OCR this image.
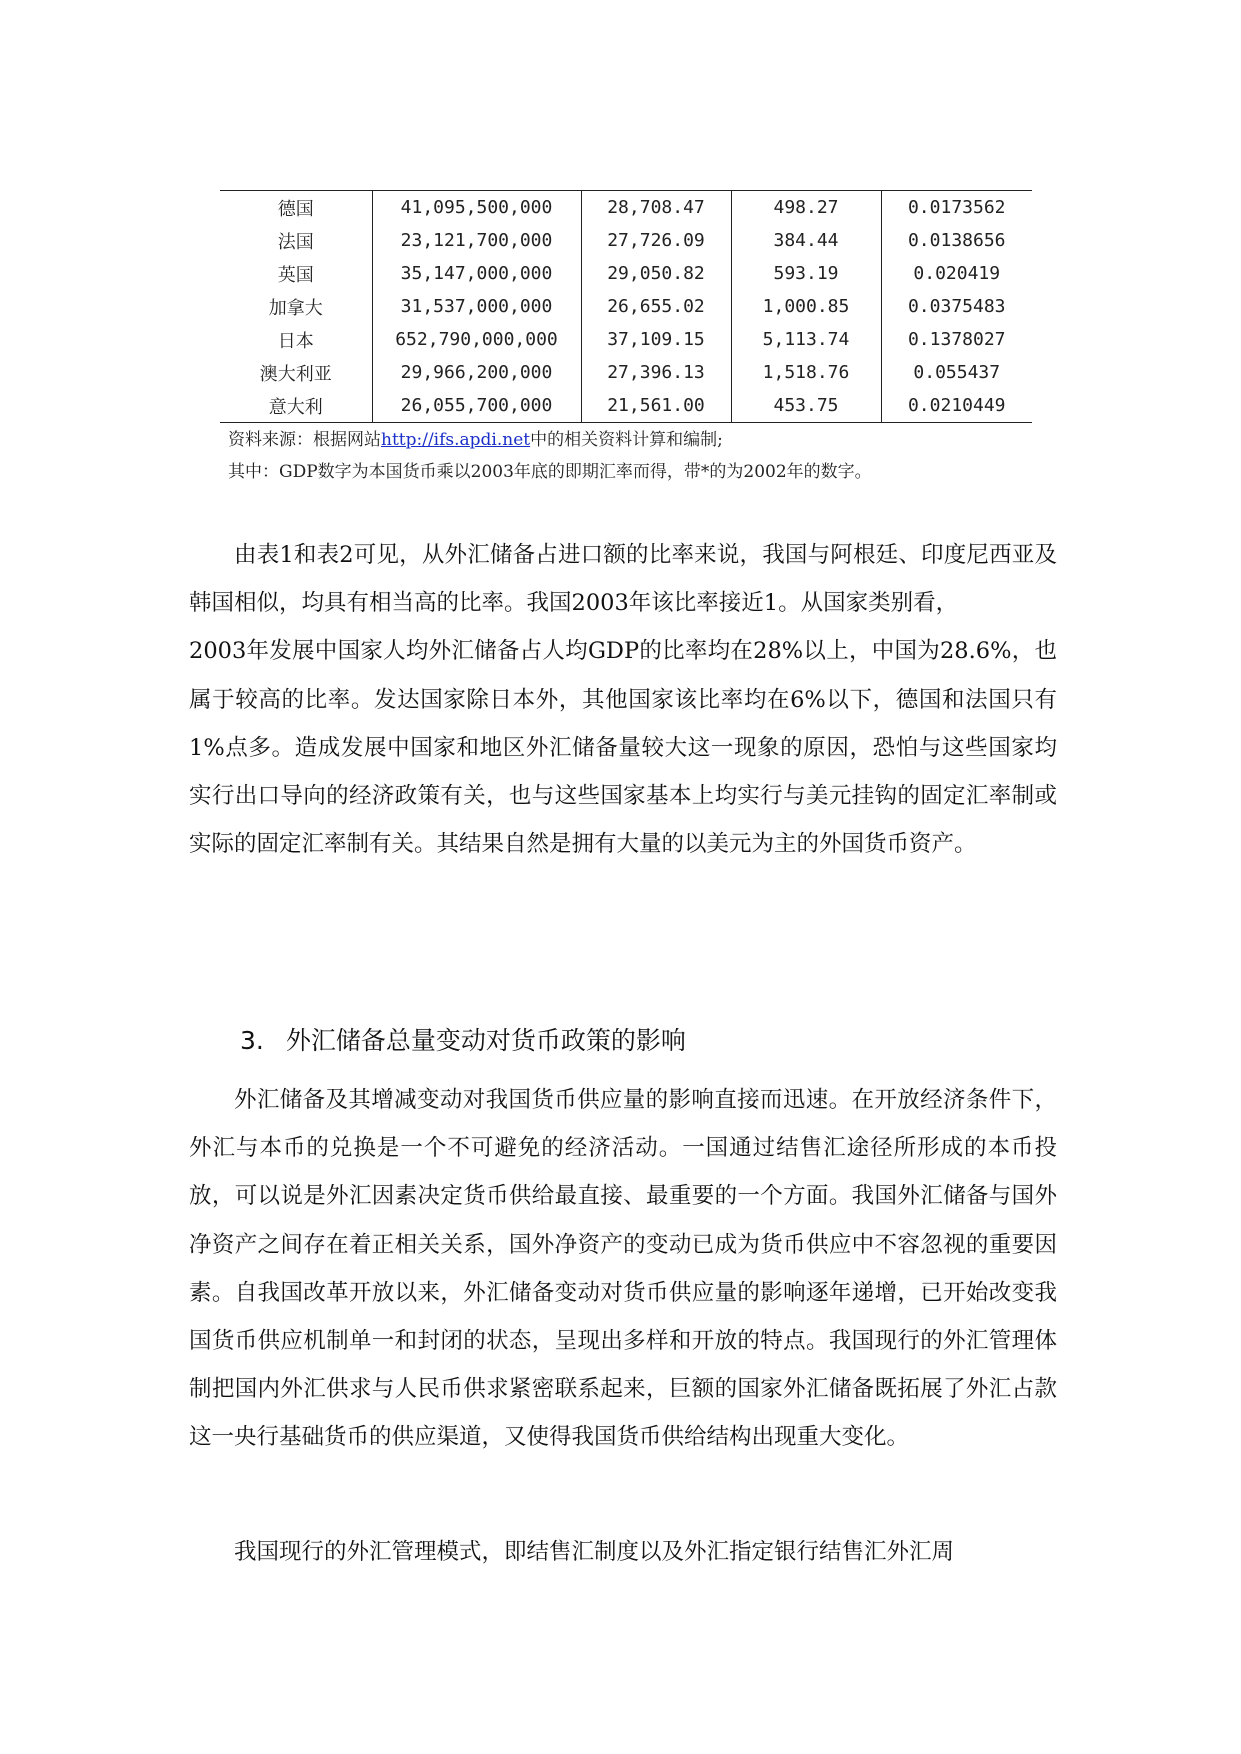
德国	41,095,500,000	28,708.47	498.27	0.0173562
法国	23,121,700,000	27,726.09	384.44	0.0138656
英国	35,147,000,000	29,050.82	593.19	0.020419
加拿大	31,537,000,000	26,655.02	1,000.85	0.0375483
日本	652,790,000,000	37,109.15	5,113.74	0.1378027
澳大利亚	29,966,200,000	27,396.13	1,518.76	0.055437
意大利	26,055,700,000	21,561.00	453.75	0.0210449
资料来源：根据网站http://ifs.apdi.net中的相关资料计算和编制;
其中：GDP数字为本国货币乘以2003年底的即期汇率而得，带*的为2002年的数字。

由表1和表2可见，从外汇储备占进口额的比率来说，我国与阿根廷、印度尼西亚及韩国相似，均具有相当高的比率。我国2003年该比率接近1。从国家类别看，

2003年发展中国家人均外汇储备占人均GDP的比率均在28%以上，中国为28.6%，也属于较高的比率。发达国家除日本外，其他国家该比率均在6%以下，德国和法国只有1%点多。造成发展中国家和地区外汇储备量较大这一现象的原因，恐怕与这些国家均实行出口导向的经济政策有关，也与这些国家基本上均实行与美元挂钩的固定汇率制或实际的固定汇率制有关。其结果自然是拥有大量的以美元为主的外国货币资产。

3. 外汇储备总量变动对货币政策的影响

外汇储备及其增减变动对我国货币供应量的影响直接而迅速。在开放经济条件下，外汇与本币的兑换是一个不可避免的经济活动。一国通过结售汇途径所形成的本币投放，可以说是外汇因素决定货币供给最直接、最重要的一个方面。我国外汇储备与国外净资产之间存在着正相关关系，国外净资产的变动已成为货币供应中不容忽视的重要因素。自我国改革开放以来，外汇储备变动对货币供应量的影响逐年递增，已开始改变我国货币供应机制单一和封闭的状态，呈现出多样和开放的特点。我国现行的外汇管理体制把国内外汇供求与人民币供求紧密联系起来，巨额的国家外汇储备既拓展了外汇占款这一央行基础货币的供应渠道，又使得我国货币供给结构出现重大变化。

我国现行的外汇管理模式，即结售汇制度以及外汇指定银行结售汇外汇周
